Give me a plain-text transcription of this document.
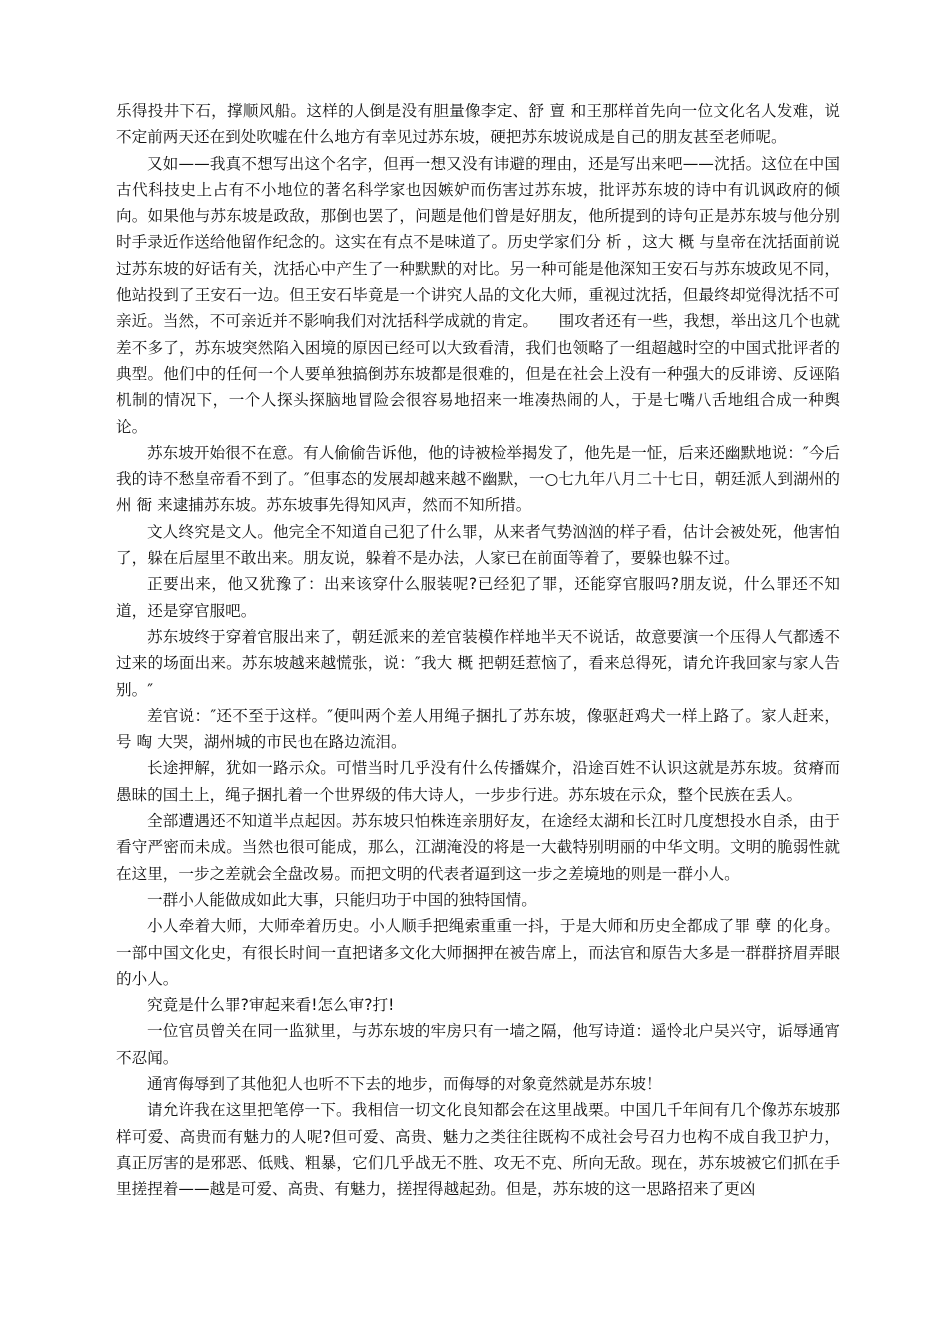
乐得投井下石，撑顺风船。这样的人倒是没有胆量像李定、舒 亶 和王那样首先向一位文化名人发难，说不定前两天还在到处吹嘘在什么地方有幸见过苏东坡，硬把苏东坡说成是自己的朋友甚至老师呢。

又如——我真不想写出这个名字，但再一想又没有讳避的理由，还是写出来吧——沈括。这位在中国古代科技史上占有不小地位的著名科学家也因嫉妒而伤害过苏东坡，批评苏东坡的诗中有讥讽政府的倾向。如果他与苏东坡是政敌，那倒也罢了，问题是他们曾是好朋友，他所提到的诗句正是苏东坡与他分别时手录近作送给他留作纪念的。这实在有点不是味道了。历史学家们分 析 ，这大 概 与皇帝在沈括面前说过苏东坡的好话有关，沈括心中产生了一种默默的对比。另一种可能是他深知王安石与苏东坡政见不同，他站投到了王安石一边。但王安石毕竟是一个讲究人品的文化大师，重视过沈括，但最终却觉得沈括不可亲近。当然，不可亲近并不影响我们对沈括科学成就的肯定。 　围攻者还有一些，我想，举出这几个也就差不多了，苏东坡突然陷入困境的原因已经可以大致看清，我们也领略了一组超越时空的中国式批评者的典型。他们中的任何一个人要单独搞倒苏东坡都是很难的，但是在社会上没有一种强大的反诽谤、反诬陷机制的情况下，一个人探头探脑地冒险会很容易地招来一堆凑热闹的人，于是七嘴八舌地组合成一种舆论。

苏东坡开始很不在意。有人偷偷告诉他，他的诗被检举揭发了，他先是一怔，后来还幽默地说：″今后我的诗不愁皇帝看不到了。″但事态的发展却越来越不幽默，一○七九年八月二十七日，朝廷派人到湖州的州 衙 来逮捕苏东坡。苏东坡事先得知风声，然而不知所措。

文人终究是文人。他完全不知道自己犯了什么罪，从来者气势汹汹的样子看，估计会被处死，他害怕了，躲在后屋里不敢出来。朋友说，躲着不是办法，人家已在前面等着了，要躲也躲不过。

正要出来，他又犹豫了：出来该穿什么服装呢?已经犯了罪，还能穿官服吗?朋友说，什么罪还不知道，还是穿官服吧。

苏东坡终于穿着官服出来了，朝廷派来的差官装模作样地半天不说话，故意要演一个压得人气都透不过来的场面出来。苏东坡越来越慌张，说：″我大 概 把朝廷惹恼了，看来总得死，请允许我回家与家人告别。″

差官说：″还不至于这样。″便叫两个差人用绳子捆扎了苏东坡，像驱赶鸡犬一样上路了。家人赶来，号 啕 大哭，湖州城的市民也在路边流泪。

长途押解，犹如一路示众。可惜当时几乎没有什么传播媒介，沿途百姓不认识这就是苏东坡。贫瘠而愚昧的国土上，绳子捆扎着一个世界级的伟大诗人，一步步行进。苏东坡在示众，整个民族在丢人。

全部遭遇还不知道半点起因。苏东坡只怕株连亲朋好友，在途经太湖和长江时几度想投水自杀，由于看守严密而未成。当然也很可能成，那么，江湖淹没的将是一大截特别明丽的中华文明。文明的脆弱性就在这里，一步之差就会全盘改易。而把文明的代表者逼到这一步之差境地的则是一群小人。

一群小人能做成如此大事，只能归功于中国的独特国情。

小人牵着大师，大师牵着历史。小人顺手把绳索重重一抖，于是大师和历史全都成了罪 孽 的化身。一部中国文化史，有很长时间一直把诸多文化大师捆押在被告席上，而法官和原告大多是一群群挤眉弄眼的小人。

究竟是什么罪?审起来看!怎么审?打!

一位官员曾关在同一监狱里，与苏东坡的牢房只有一墙之隔，他写诗道：遥怜北户吴兴守，诟辱通宵不忍闻。

通宵侮辱到了其他犯人也听不下去的地步，而侮辱的对象竟然就是苏东坡！

请允许我在这里把笔停一下。我相信一切文化良知都会在这里战栗。中国几千年间有几个像苏东坡那样可爱、高贵而有魅力的人呢?但可爱、高贵、魅力之类往往既构不成社会号召力也构不成自我卫护力，真正厉害的是邪恶、低贱、粗暴，它们几乎战无不胜、攻无不克、所向无敌。现在，苏东坡被它们抓在手里搓捏着——越是可爱、高贵、有魅力，搓捏得越起劲。但是，苏东坡的这一思路招来了更凶
